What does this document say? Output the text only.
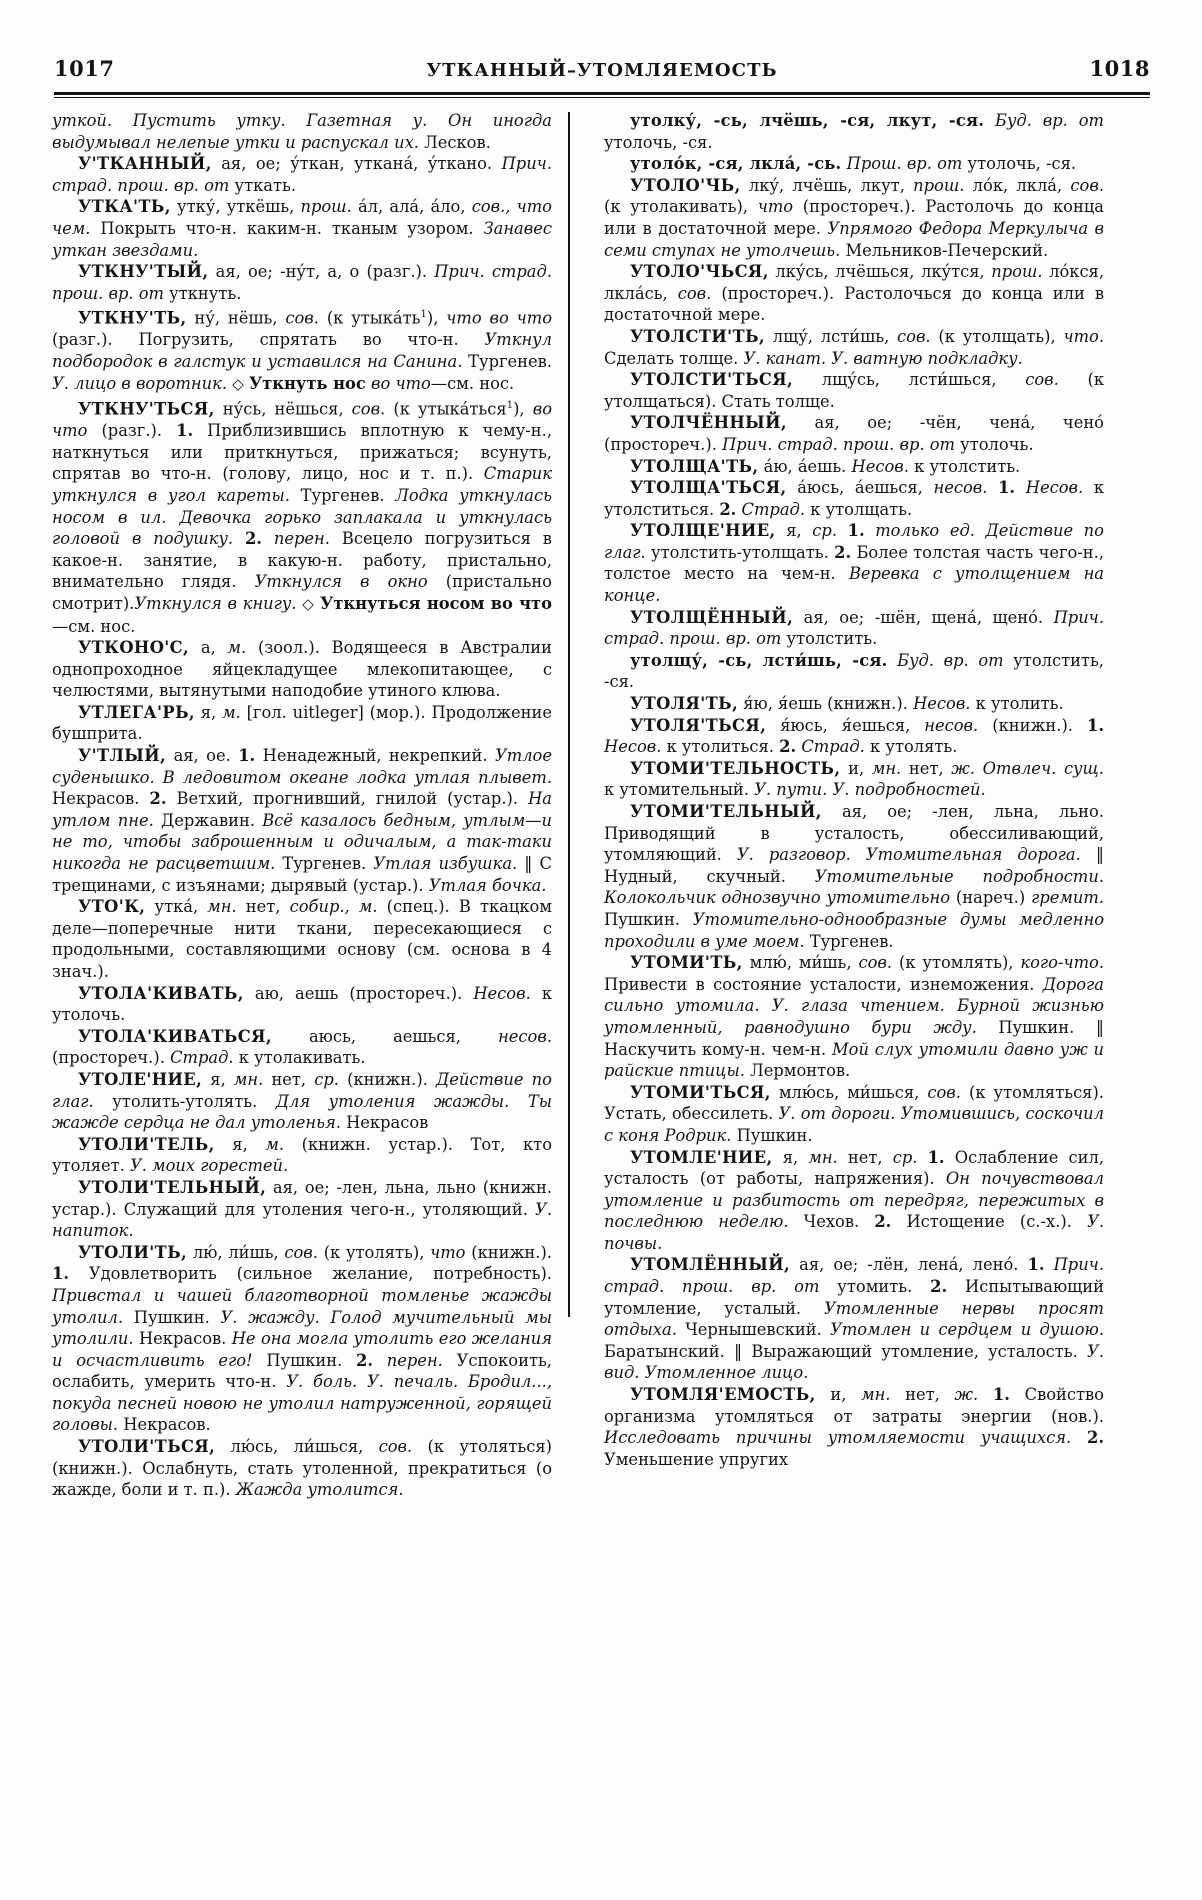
1017	УТКАННЫЙ–УТОМЛЯЕМОСТЬ	1018

уткой. Пустить утку. Газетная у. Он иногда выдумывал нелепые утки и распускал их. Лесков.

У'ТКАННЫЙ, ая, ое; у́ткан, уткана́, у́ткано. Прич. страд. прош. вр. от уткать.

УТКА'ТЬ, утку́, уткёшь, прош. а́л, ала́, а́ло, сов., что чем. Покрыть что-н. каким-н. тканым узором. Занавес уткан звездами.

УТКНУ'ТЫЙ, ая, ое; -ну́т, а, о (разг.). Прич. страд. прош. вр. от уткнуть.

УТКНУ'ТЬ, ну́, нёшь, сов. (к $утыка́ть^1$), что во что (разг.). Погрузить, спрятать во что-н. Уткнул подбородок в галстук и уставился на Санина. Тургенев. У. лицо в воротник. ◇ Уткнуть нос во что—см. нос.

УТКНУ'ТЬСЯ, ну́сь, нёшься, сов. (к утыка́ться$^1$), во что (разг.). 1. Приблизившись вплотную к чему-н., наткнуться или приткнуться, прижаться; всунуть, спрятав во что-н. (голову, лицо, нос и т. п.). Старик уткнулся в угол кареты. Тургенев. Лодка уткнулась носом в ил. Девочка горько заплакала и уткнулась головой в подушку. 2. перен. Всецело погрузиться в какое-н. занятие, в какую-н. работу, пристально, внимательно глядя. Уткнулся в окно (пристально смотрит).Уткнулся в книгу. ◇ Уткнуться носом во что—см. нос.

УТКОНО'С, а, м. (зоол.). Водящееся в Австралии однопроходное яйцекладущее млекопитающее, с челюстями, вытянутыми наподобие утиного клюва.

УТЛЕГА'РЬ, я, м. [гол. uitleger] (мор.). Продолжение бушприта.

У'ТЛЫЙ, ая, ое. 1. Ненадежный, некрепкий. Утлое суденышко. В ледовитом океане лодка утлая плывет. Некрасов. 2. Ветхий, прогнивший, гнилой (устар.). На утлом пне. Державин. Всё казалось бедным, утлым—и не то, чтобы заброшенным и одичалым, а так-таки никогда не расцветшим. Тургенев. Утлая избушка. ‖ С трещинами, с изъянами; дырявый (устар.). Утлая бочка.

УТО'К, утка́, мн. нет, собир., м. (спец.). В ткацком деле—поперечные нити ткани, пересекающиеся с продольными, составляющими основу (см. основа в 4 знач.).

УТОЛА'КИВАТЬ, аю, аешь (простореч.). Несов. к утолочь.

УТОЛА'КИВАТЬСЯ, аюсь, аешься, несов. (простореч.). Страд. к утолакивать.

УТОЛЕ'НИЕ, я, мн. нет, ср. (книжн.). Действие по глаг. утолить-утолять. Для утоления жажды. Ты жажде сердца не дал утоленья. Некрасов

УТОЛИ'ТЕЛЬ, я, м. (книжн. устар.). Тот, кто утоляет. У. моих горестей.

УТОЛИ'ТЕЛЬНЫЙ, ая, ое; -лен, льна, льно (книжн. устар.). Служащий для утоления чего-н., утоляющий. У. напиток.

УТОЛИ'ТЬ, лю́, ли́шь, сов. (к утолять), что (книжн.). 1. Удовлетворить (сильное желание, потребность). Привстал и чашей благотворной томленье жажды утолил. Пушкин. У. жажду. Голод мучительный мы утолили. Некрасов. Не она могла утолить его желания и осчастливить его! Пушкин. 2. перен. Успокоить, ослабить, умерить что-н. У. боль. У. печаль. Бродил..., покуда песней новою не утолил натруженной, горящей головы. Некрасов.

УТОЛИ'ТЬСЯ, лю́сь, ли́шься, сов. (к утоляться) (книжн.). Ослабнуть, стать утоленной, прекратиться (о жажде, боли и т. п.). Жажда утолится.

утолку́, -сь, лчёшь, -ся, лкут, -ся. Буд. вр. от утолочь, -ся.

утоло́к, -ся, лкла́, -сь. Прош. вр. от утолочь, -ся.

УТОЛО'ЧЬ, лку́, лчёшь, лкут, прош. ло́к, лкла́, сов. (к утолакивать), что (простореч.). Растолочь до конца или в достаточной мере. Упрямого Федора Меркулыча в семи ступах не утолчешь. Мельников-Печерский.

УТОЛО'ЧЬСЯ, лку́сь, лчёшься, лку́тся, прош. ло́кся, лкла́сь, сов. (простореч.). Растолочься до конца или в достаточной мере.

УТОЛСТИ'ТЬ, лщу́, лсти́шь, сов. (к утолщать), что. Сделать толще. У. канат. У. ватную подкладку.

УТОЛСТИ'ТЬСЯ, лщу́сь, лсти́шься, сов. (к утолщаться). Стать толще.

УТОЛЧЁННЫЙ, ая, ое; -чён, чена́, чено́ (простореч.). Прич. страд. прош. вр. от утолочь.

УТОЛЩА'ТЬ, а́ю, а́ешь. Несов. к утолстить.

УТОЛЩА'ТЬСЯ, а́юсь, а́ешься, несов. 1. Несов. к утолститься. 2. Страд. к утолщать.

УТОЛЩЕ'НИЕ, я, ср. 1. только ед. Действие по глаг. утолстить-утолщать. 2. Более толстая часть чего-н., толстое место на чем-н. Веревка с утолщением на конце.

УТОЛЩЁННЫЙ, ая, ое; -шён, щена́, щено́. Прич. страд. прош. вр. от утолстить.

утолщу́, -сь, лсти́шь, -ся. Буд. вр. от утолстить, -ся.

УТОЛЯ'ТЬ, я́ю, я́ешь (книжн.). Несов. к утолить.

УТОЛЯ'ТЬСЯ, я́юсь, я́ешься, несов. (книжн.). 1. Несов. к утолиться. 2. Страд. к утолять.

УТОМИ'ТЕЛЬНОСТЬ, и, мн. нет, ж. Отвлеч. сущ. к утомительный. У. пути. У. подробностей.

УТОМИ'ТЕЛЬНЫЙ, ая, ое; -лен, льна, льно. Приводящий в усталость, обессиливающий, утомляющий. У. разговор. Утомительная дорога. ‖ Нудный, скучный. Утомительные подробности. Колокольчик однозвучно утомительно (нареч.) гремит. Пушкин. Утомительно-однообразные думы медленно проходили в уме моем. Тургенев.

УТОМИ'ТЬ, млю́, ми́шь, сов. (к утомлять), кого-что. Привести в состояние усталости, изнеможения. Дорога сильно утомила. У. глаза чтением. Бурной жизнью утомленный, равнодушно бури жду. Пушкин. ‖ Наскучить кому-н. чем-н. Мой слух утомили давно уж и райские птицы. Лермонтов.

УТОМИ'ТЬСЯ, млю́сь, ми́шься, сов. (к утомляться). Устать, обессилеть. У. от дороги. Утомившись, соскочил с коня Родрик. Пушкин.

УТОМЛЕ'НИЕ, я, мн. нет, ср. 1. Ослабление сил, усталость (от работы, напряжения). Он почувствовал утомление и разбитость от передряг, пережитых в последнюю неделю. Чехов. 2. Истощение (с.-х.). У. почвы.

УТОМЛЁННЫЙ, ая, ое; -лён, лена́, лено́. 1. Прич. страд. прош. вр. от утомить. 2. Испытывающий утомление, усталый. Утомленные нервы просят отдыха. Чернышевский. Утомлен и сердцем и душою. Баратынский. ‖ Выражающий утомление, усталость. У. вид. Утомленное лицо.

УТОМЛЯ'ЕМОСТЬ, и, мн. нет, ж. 1. Свойство организма утомляться от затраты энергии (нов.). Исследовать причины утомляемости учащихся. 2. Уменьшение упругих
